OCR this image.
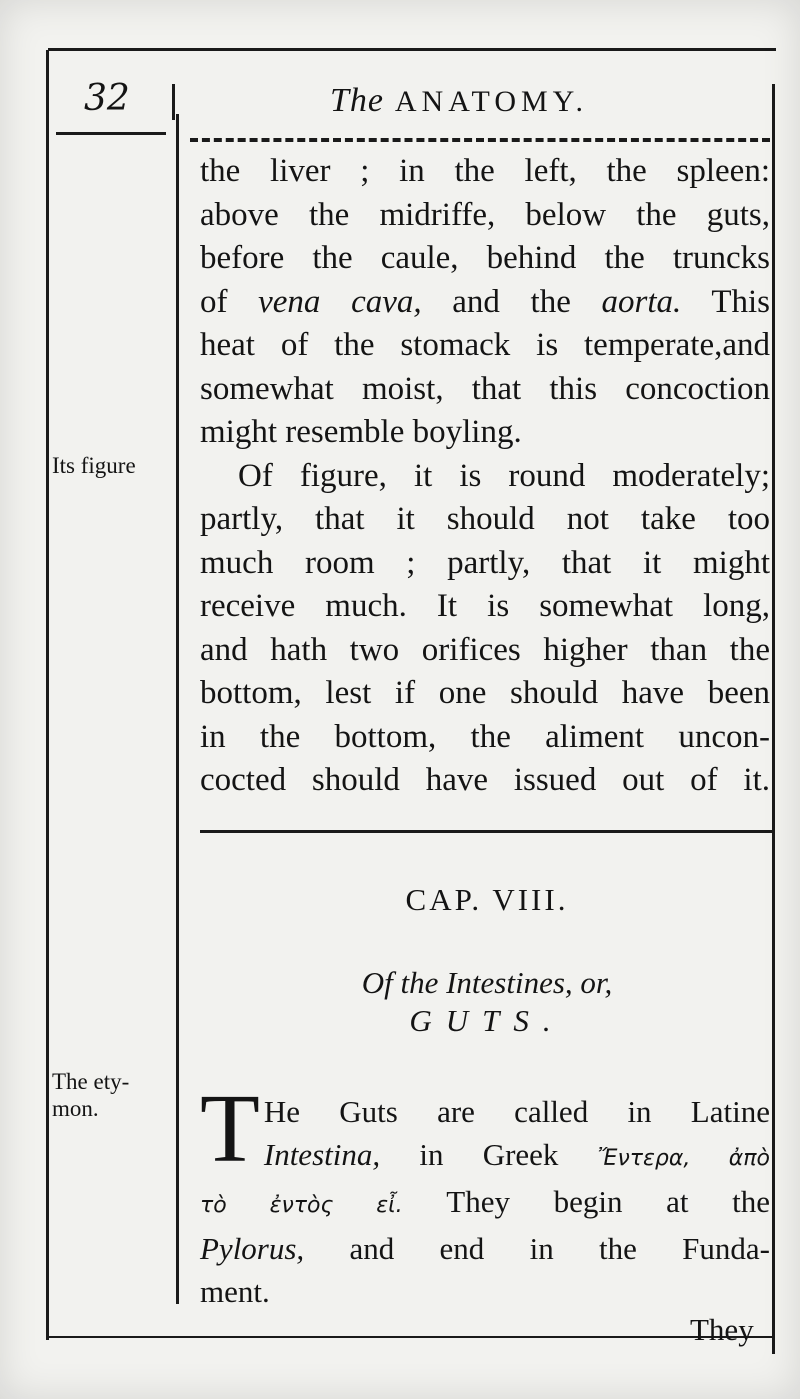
32	The ANATOMY.
the liver ; in the left, the spleen:
above the midriffe, below the guts,
before the caule, behind the truncks
of vena cava, and the aorta. This
heat of the stomack is temperate,and
somewhat moist, that this concoction
might resemble boyling.
Of figure, it is round moderately;
partly, that it should not take too
much room ; partly, that it might
receive much. It is somewhat long,
and hath two orifices higher than the
bottom, lest if one should have been
in the bottom, the aliment uncon-
cocted should have issued out of it.
Its figure
The ety-
mon.
CAP. VIII.
Of the Intestines, or,
GUTS.
T He Guts are called in Latine
Intestina, in Greek Ἔντερα, ἀπὸ
τὸ ἐντὸς εἶ. They begin at the
Pylorus, and end in the Funda-
ment.
They
